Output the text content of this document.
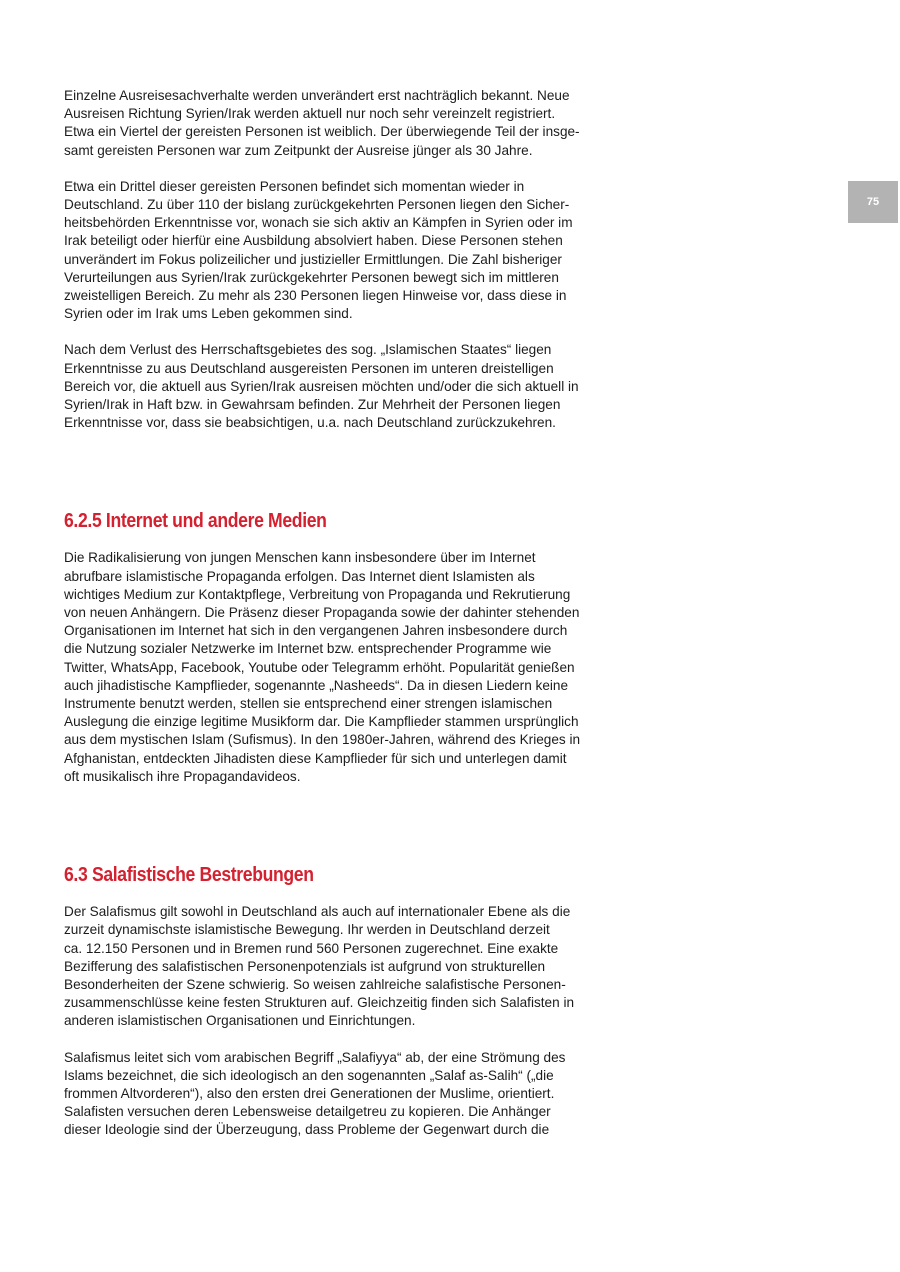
75
Einzelne Ausreisesachverhalte werden unverändert erst nachträglich bekannt. Neue
Ausreisen Richtung Syrien/Irak werden aktuell nur noch sehr vereinzelt registriert.
Etwa ein Viertel der gereisten Personen ist weiblich. Der überwiegende Teil der insge-
samt gereisten Personen war zum Zeitpunkt der Ausreise jünger als 30 Jahre.
Etwa ein Drittel dieser gereisten Personen befindet sich momentan wieder in
Deutschland. Zu über 110 der bislang zurückgekehrten Personen liegen den Sicher-
heitsbehörden Erkenntnisse vor, wonach sie sich aktiv an Kämpfen in Syrien oder im
Irak beteiligt oder hierfür eine Ausbildung absolviert haben. Diese Personen stehen
unverändert im Fokus polizeilicher und justizieller Ermittlungen. Die Zahl bisheriger
Verurteilungen aus Syrien/Irak zurückgekehrter Personen bewegt sich im mittleren
zweistelligen Bereich. Zu mehr als 230 Personen liegen Hinweise vor, dass diese in
Syrien oder im Irak ums Leben gekommen sind.
Nach dem Verlust des Herrschaftsgebietes des sog. „Islamischen Staates“ liegen
Erkenntnisse zu aus Deutschland ausgereisten Personen im unteren dreistelligen
Bereich vor, die aktuell aus Syrien/Irak ausreisen möchten und/oder die sich aktuell in
Syrien/Irak in Haft bzw. in Gewahrsam befinden. Zur Mehrheit der Personen liegen
Erkenntnisse vor, dass sie beabsichtigen, u.a. nach Deutschland zurückzukehren.
6.2.5 Internet und andere Medien
Die Radikalisierung von jungen Menschen kann insbesondere über im Internet
abrufbare islamistische Propaganda erfolgen. Das Internet dient Islamisten als
wichtiges Medium zur Kontaktpflege, Verbreitung von Propaganda und Rekrutierung
von neuen Anhängern. Die Präsenz dieser Propaganda sowie der dahinter stehenden
Organisationen im Internet hat sich in den vergangenen Jahren insbesondere durch
die Nutzung sozialer Netzwerke im Internet bzw. entsprechender Programme wie
Twitter, WhatsApp, Facebook, Youtube oder Telegramm erhöht. Popularität genießen
auch jihadistische Kampflieder, sogenannte „Nasheeds“. Da in diesen Liedern keine
Instrumente benutzt werden, stellen sie entsprechend einer strengen islamischen
Auslegung die einzige legitime Musikform dar. Die Kampflieder stammen ursprünglich
aus dem mystischen Islam (Sufismus). In den 1980er-Jahren, während des Krieges in
Afghanistan, entdeckten Jihadisten diese Kampflieder für sich und unterlegen damit
oft musikalisch ihre Propagandavideos.
6.3 Salafistische Bestrebungen
Der Salafismus gilt sowohl in Deutschland als auch auf internationaler Ebene als die
zurzeit dynamischste islamistische Bewegung. Ihr werden in Deutschland derzeit
ca. 12.150 Personen und in Bremen rund 560 Personen zugerechnet. Eine exakte
Bezifferung des salafistischen Personenpotenzials ist aufgrund von strukturellen
Besonderheiten der Szene schwierig. So weisen zahlreiche salafistische Personen-
zusammenschlüsse keine festen Strukturen auf. Gleichzeitig finden sich Salafisten in
anderen islamistischen Organisationen und Einrichtungen.
Salafismus leitet sich vom arabischen Begriff „Salafiyya“ ab, der eine Strömung des
Islams bezeichnet, die sich ideologisch an den sogenannten „Salaf as-Salih“ („die
frommen Altvorderen“), also den ersten drei Generationen der Muslime, orientiert.
Salafisten versuchen deren Lebensweise detailgetreu zu kopieren. Die Anhänger
dieser Ideologie sind der Überzeugung, dass Probleme der Gegenwart durch die
